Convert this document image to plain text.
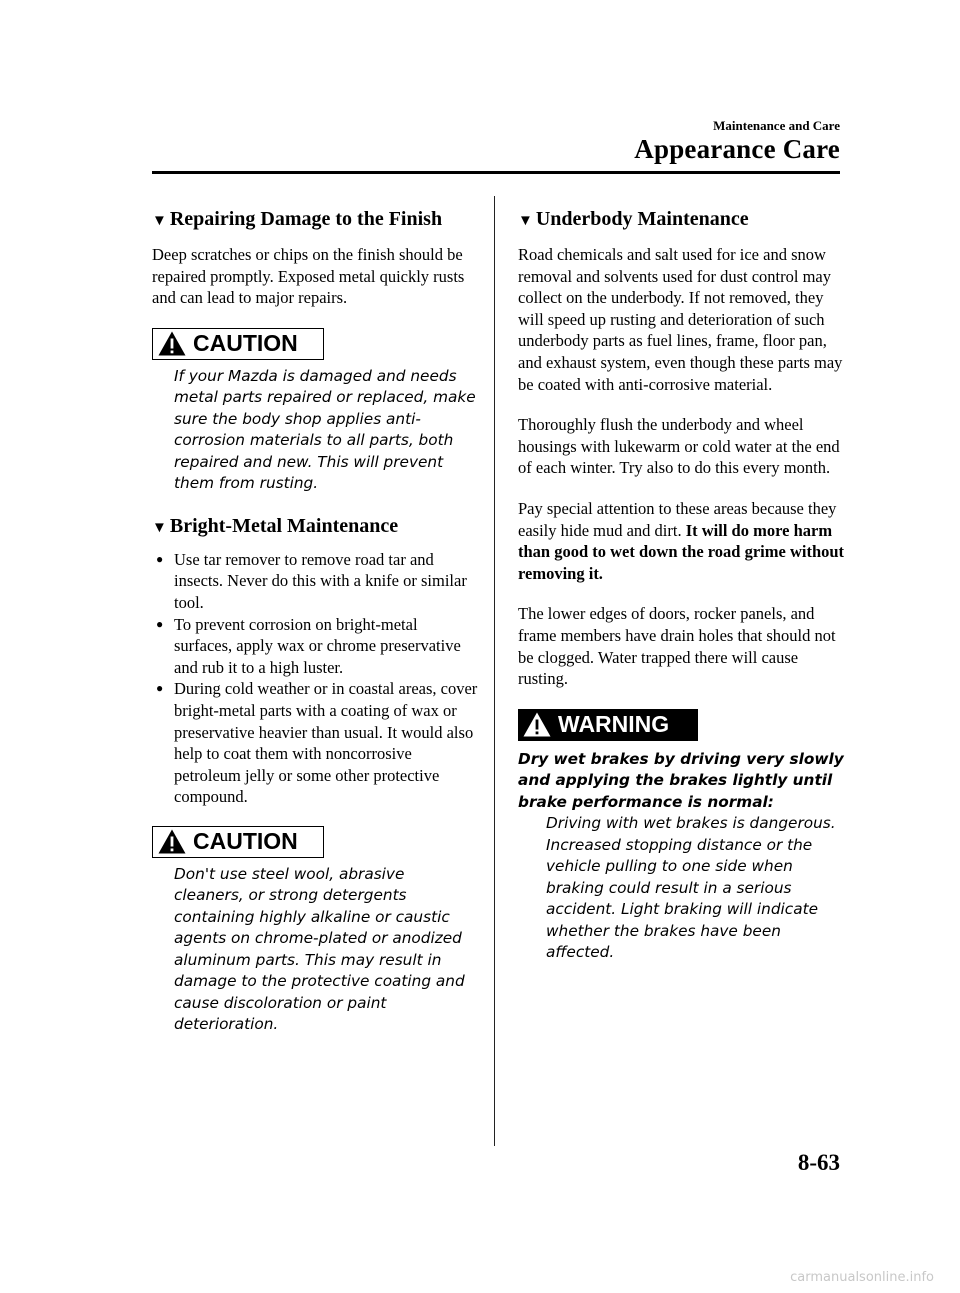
Maintenance and Care
Appearance Care
▼ Repairing Damage to the Finish

Deep scratches or chips on the finish should be repaired promptly. Exposed metal quickly rusts and can lead to major repairs.

CAUTION
If your Mazda is damaged and needs metal parts repaired or replaced, make sure the body shop applies anti-corrosion materials to all parts, both repaired and new. This will prevent them from rusting.
▼ Bright-Metal Maintenance
● Use tar remover to remove road tar and insects. Never do this with a knife or similar tool.
● To prevent corrosion on bright-metal surfaces, apply wax or chrome preservative and rub it to a high luster.
● During cold weather or in coastal areas, cover bright-metal parts with a coating of wax or preservative heavier than usual. It would also help to coat them with noncorrosive petroleum jelly or some other protective compound.
CAUTION
Don't use steel wool, abrasive cleaners, or strong detergents containing highly alkaline or caustic agents on chrome-plated or anodized aluminum parts. This may result in damage to the protective coating and cause discoloration or paint deterioration.
▼ Underbody Maintenance

Road chemicals and salt used for ice and snow removal and solvents used for dust control may collect on the underbody. If not removed, they will speed up rusting and deterioration of such underbody parts as fuel lines, frame, floor pan, and exhaust system, even though these parts may be coated with anti-corrosive material.

Thoroughly flush the underbody and wheel housings with lukewarm or cold water at the end of each winter. Try also to do this every month.

Pay special attention to these areas because they easily hide mud and dirt. It will do more harm than good to wet down the road grime without removing it.

The lower edges of doors, rocker panels, and frame members have drain holes that should not be clogged. Water trapped there will cause rusting.

WARNING

Dry wet brakes by driving very slowly and applying the brakes lightly until brake performance is normal:

Driving with wet brakes is dangerous. Increased stopping distance or the vehicle pulling to one side when braking could result in a serious accident. Light braking will indicate whether the brakes have been affected.

8-63
carmanualsonline.info
